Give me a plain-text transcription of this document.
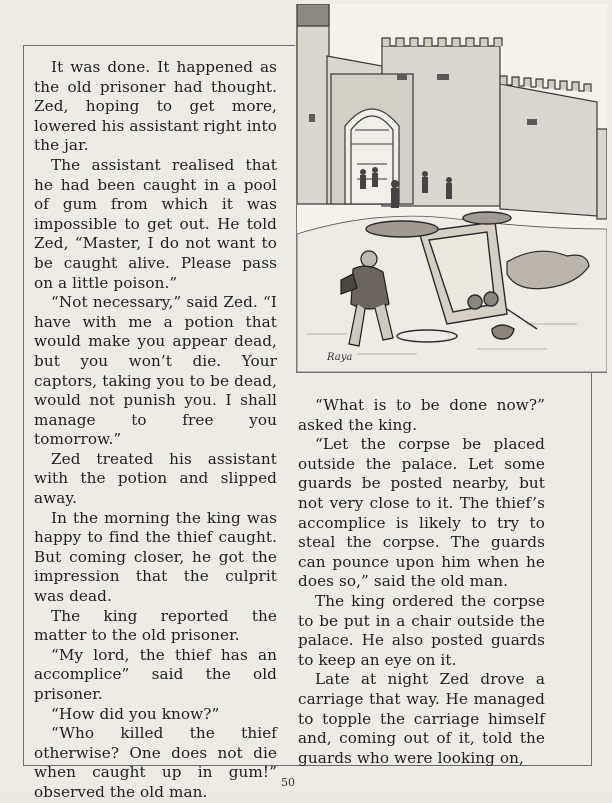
It was done. It happened as the old prisoner had thought. Zed, hoping to get more, lowered his assistant right into the jar.

The assistant realised that he had been caught in a pool of gum from which it was impossible to get out. He told Zed, “Master, I do not want to be caught alive. Please pass on a little poison.”

“Not necessary,” said Zed. “I have with me a potion that would make you appear dead, but you won’t die. Your captors, taking you to be dead, would not punish you. I shall manage to free you tomorrow.”

Zed treated his assistant with the potion and slipped away.

In the morning the king was happy to find the thief caught. But coming closer, he got the impression that the culprit was dead.

The king reported the matter to the old prisoner.

“My lord, the thief has an accomplice” said the old prisoner.

“How did you know?”

“Who killed the thief otherwise? One does not die when caught up in gum!” observed the old man.

Raya

“What is to be done now?” asked the king.

“Let the corpse be placed outside the palace. Let some guards be posted nearby, but not very close to it. The thief’s accomplice is likely to try to steal the corpse. The guards can pounce upon him when he does so,” said the old man.

The king ordered the corpse to be put in a chair outside the palace. He also posted guards to keep an eye on it.

Late at night Zed drove a carriage that way. He managed to topple the carriage himself and, coming out of it, told the guards who were looking on,

50
